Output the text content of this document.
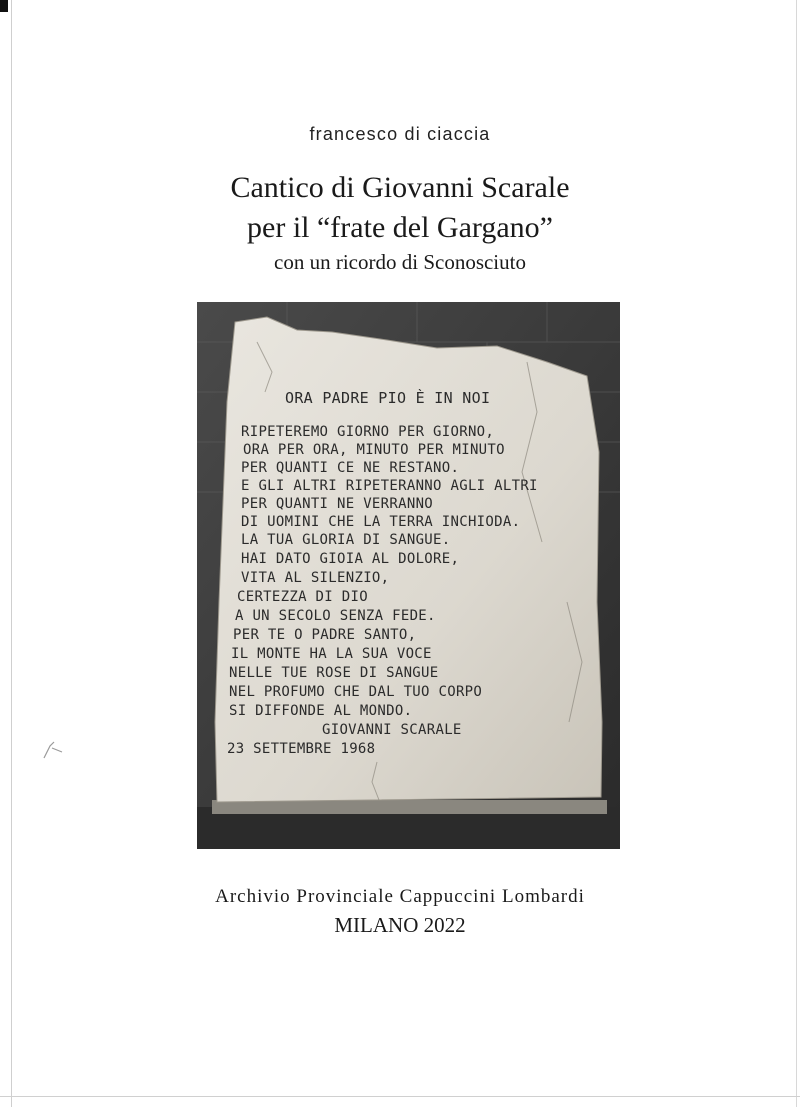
francesco di ciaccia
Cantico di Giovanni Scarale
per il “frate del Gargano”
con un ricordo di Sconosciuto
ORA PADRE PIO È IN NOI
RIPETEREMO GIORNO PER GIORNO,
ORA PER ORA, MINUTO PER MINUTO
PER QUANTI CE NE RESTANO.
E GLI ALTRI RIPETERANNO AGLI ALTRI
PER QUANTI NE VERRANNO
DI UOMINI CHE LA TERRA INCHIODA.
LA TUA GLORIA DI SANGUE.
HAI DATO GIOIA AL DOLORE,
VITA AL SILENZIO,
CERTEZZA DI DIO
A UN SECOLO SENZA FEDE.
PER TE O PADRE SANTO,
IL MONTE HA LA SUA VOCE
NELLE TUE ROSE DI SANGUE
NEL PROFUMO CHE DAL TUO CORPO
SI DIFFONDE AL MONDO.
GIOVANNI SCARALE
23 SETTEMBRE 1968
Archivio Provinciale Cappuccini Lombardi
MILANO 2022
